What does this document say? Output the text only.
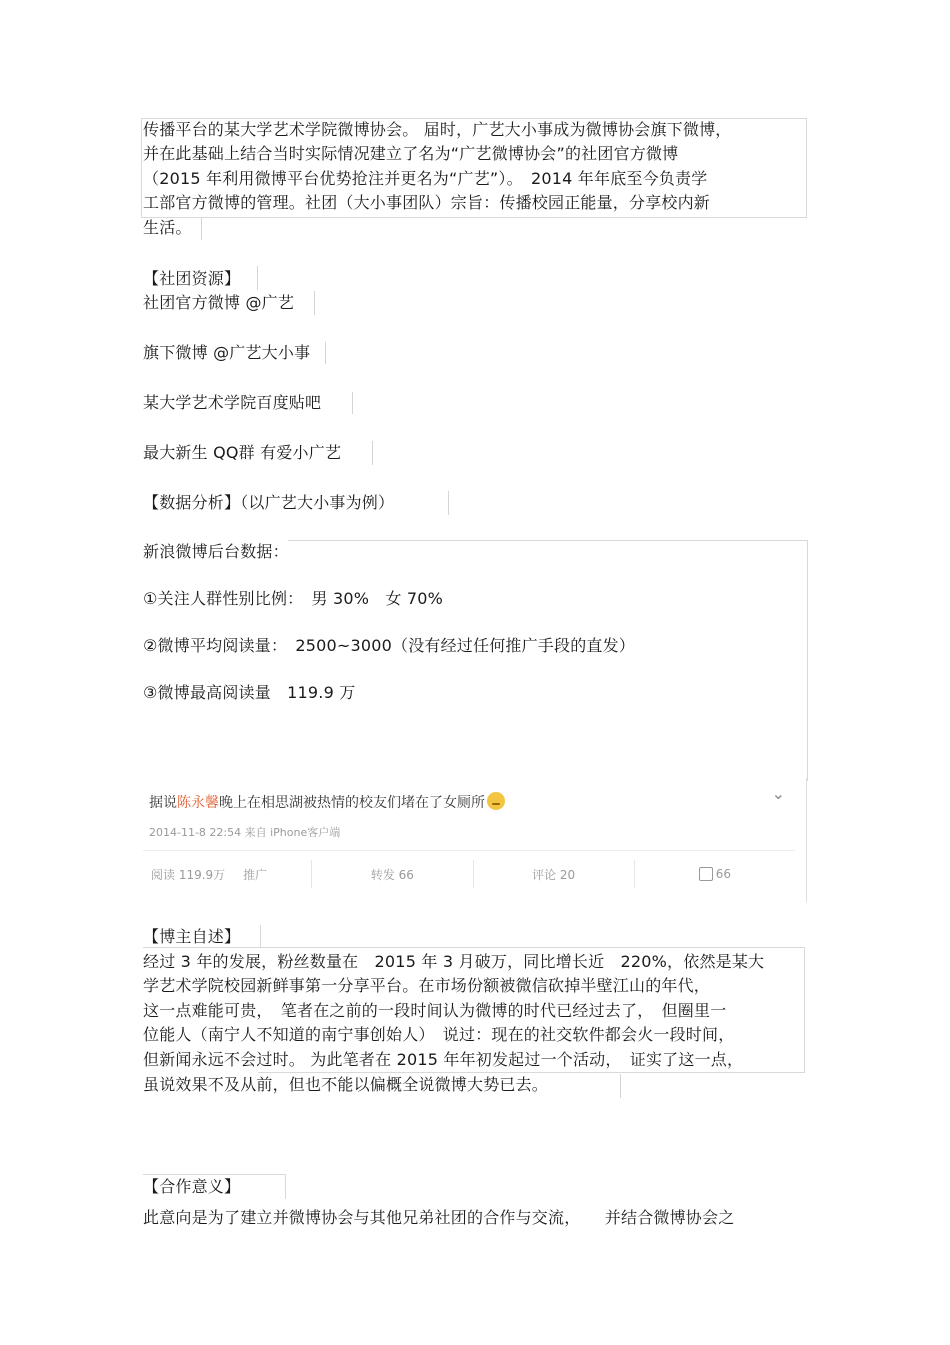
传播平台的某大学艺术学院微博协会。 届时，广艺大小事成为微博协会旗下微博，

并在此基础上结合当时实际情况建立了名为“广艺微博协会”的社团官方微博

（2015 年利用微博平台优势抢注并更名为“广艺”）。　2014 年年底至今负责学

工部官方微博的管理。社团（大小事团队）宗旨：传播校园正能量，分享校内新

生活。

【社团资源】

社团官方微博 @广艺

旗下微博 @广艺大小事

某大学艺术学院百度贴吧

最大新生 QQ群 有爱小广艺

【数据分析】（以广艺大小事为例）

新浪微博后台数据：

①关注人群性别比例：　男 30%　女 70%

②微博平均阅读量：　2500~3000（没有经过任何推广手段的直发）

③微博最高阅读量　119.9 万

据说陈永馨晚上在相思湖被热情的校友们堵在了女厕所
2014-11-8 22:54 来自 iPhone客户端
⌄
阅读 119.9万 推广	转发 66	评论 20	66

【博主自述】

经过 3 年的发展，粉丝数量在　2015 年 3 月破万，同比增长近　220%，依然是某大

学艺术学院校园新鲜事第一分享平台。在市场份额被微信砍掉半壁江山的年代，

这一点难能可贵，　笔者在之前的一段时间认为微博的时代已经过去了，　但圈里一

位能人（南宁人不知道的南宁事创始人）　说过：现在的社交软件都会火一段时间，

但新闻永远不会过时。 为此笔者在 2015 年年初发起过一个活动，　证实了这一点，

虽说效果不及从前，但也不能以偏概全说微博大势已去。

【合作意义】

此意向是为了建立并微博协会与其他兄弟社团的合作与交流，　　并结合微博协会之
